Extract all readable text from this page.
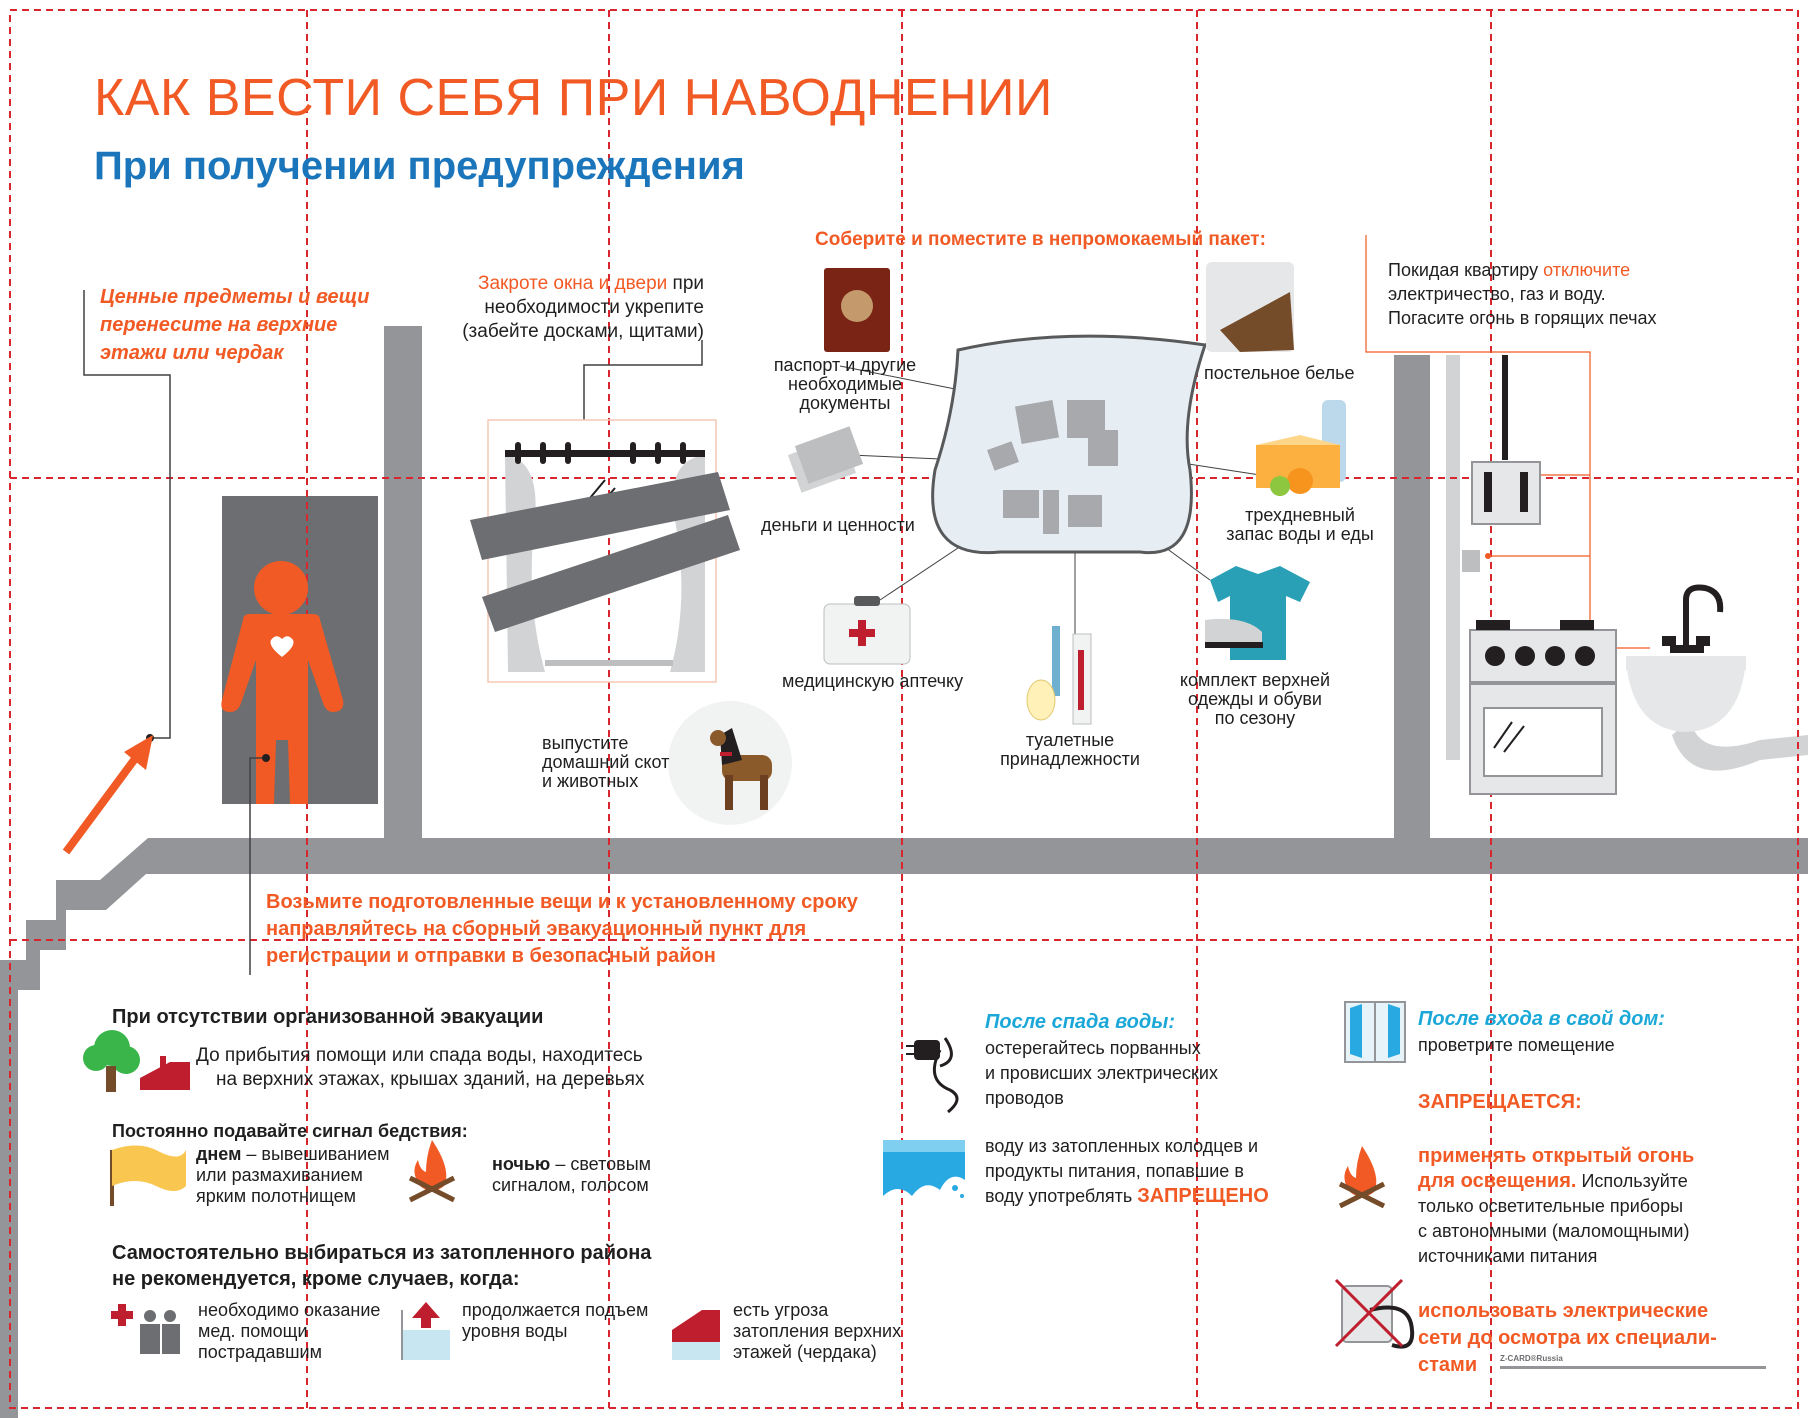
КАК ВЕСТИ СЕБЯ ПРИ НАВОДНЕНИИ
При получении предупреждения
Ценные предметы и вещи
перенесите на верхние
этажи или чердак
Возьмите подготовленные вещи и к установленному сроку
направляйтесь на сборный эвакуационный пункт для
регистрации и отправки в безопасный район
Закроте окна и двери при
необходимости укрепите
(забейте досками, щитами)
Соберите и поместите в непромокаемый пакет:
паспорт и другие
необходимые
документы
деньги и ценности
медицинскую аптечку
туалетные
принадлежности
комплект верхней
одежды и обуви
по сезону
трехдневный
запас воды и еды
постельное белье
выпустите
домашний скот
и животных
Покидая квартиру отключите
электричество, газ и воду.
Погасите огонь в горящих печах
При отсутствии организованной эвакуации
До прибытия помощи или спада воды, находитесь
на верхних этажах, крышах зданий, на деревьях
Постоянно подавайте сигнал бедствия:
днем – вывешиванием
или размахиванием
ярким полотнищем
ночью – световым
сигналом, голосом
Самостоятельно выбираться из затопленного района
не рекомендуется, кроме случаев, когда:
необходимо оказание
мед. помощи
пострадавшим
продолжается подъем
уровня воды
есть угроза
затопления верхних
этажей (чердака)
После спада воды:
остерегайтесь порванных
и провисших электрических
проводов
воду из затопленных колодцев и
продукты питания, попавшие в
воду употреблять ЗАПРЕЩЕНО
После входа в свой дом:
проветрите помещение
ЗАПРЕЩАЕТСЯ:
применять открытый огонь
для освещения. Используйте
только осветительные приборы
с автономными (маломощными)
источниками питания
использовать электрические
сети до осмотра их специали-
стами	Z-CARD®Russia
